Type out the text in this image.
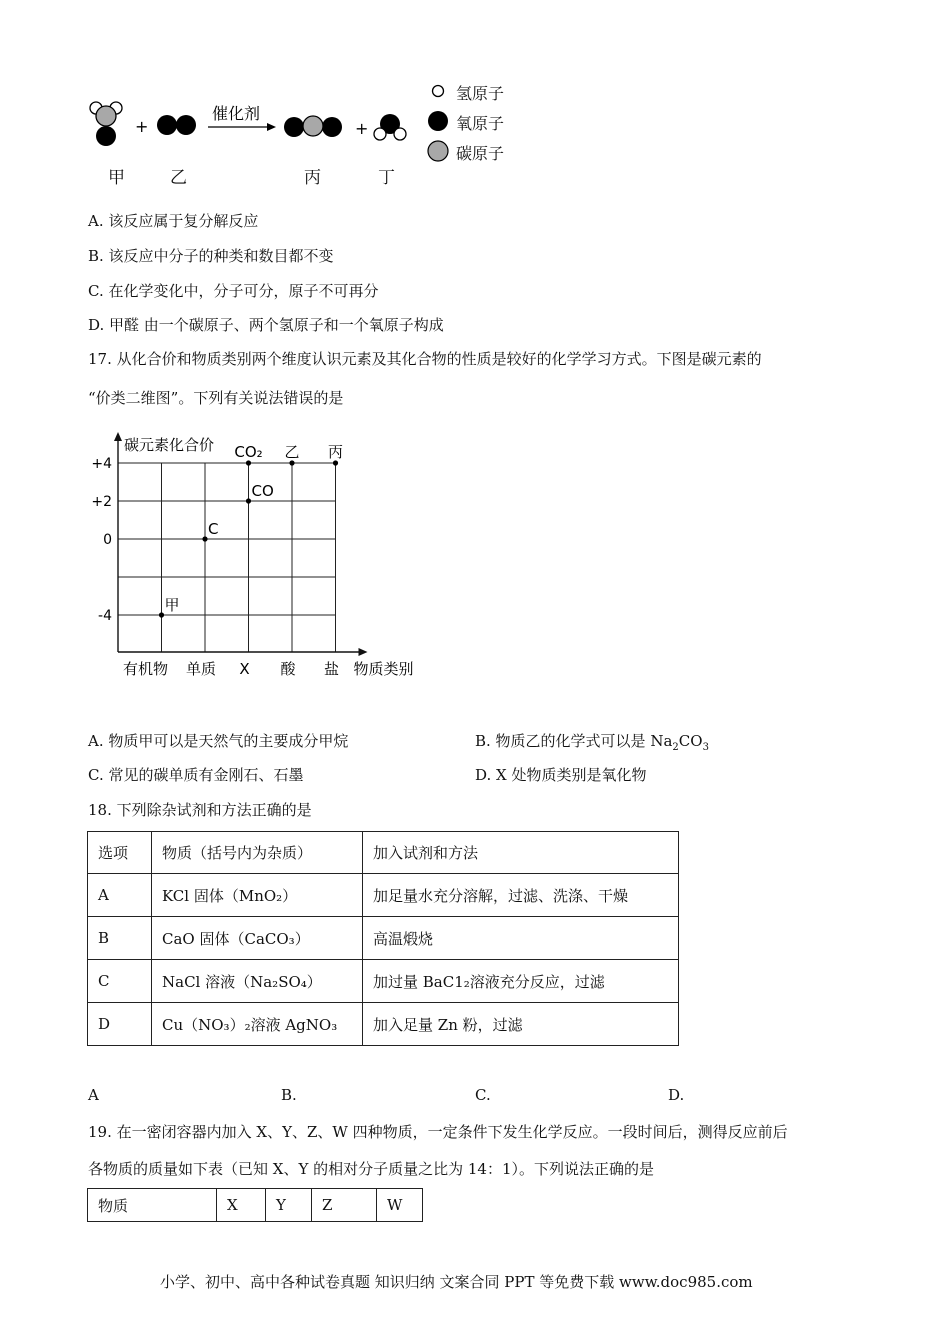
+
催化剂
+
氢原子
氧原子
碳原子
甲	乙	丙	丁
A. 该反应属于复分解反应
B. 该反应中分子的种类和数目都不变
C. 在化学变化中，分子可分，原子不可再分
D. 甲醛 由一个碳原子、两个氢原子和一个氧原子构成
17. 从化合价和物质类别两个维度认识元素及其化合物的性质是较好的化学学习方式。下图是碳元素的
“价类二维图”。下列有关说法错误的是
碳元素化合价
物质类别
+4
+2
0
-4
有机物 单质 X 酸 盐
甲
C
CO
CO₂ 乙 丙
A. 物质甲可以是天然气的主要成分甲烷	B. 物质乙的化学式可以是 $Na_2CO_3$
C. 常见的碳单质有金刚石、石墨	D. X 处物质类别是氧化物
18. 下列除杂试剂和方法正确的是
选项	物质（括号内为杂质）	加入试剂和方法
A	KCl 固体（MnO₂）	加足量水充分溶解，过滤、洗涤、干燥
B	CaO 固体（CaCO₃）	高温煅烧
C	NaCl 溶液（Na₂SO₄）	加过量 BaC1₂溶液充分反应，过滤
D	Cu（NO₃）₂溶液 AgNO₃	加入足量 Zn 粉，过滤
A	B.	C.	D.
19. 在一密闭容器内加入 X、Y、Z、W 四种物质，一定条件下发生化学反应。一段时间后，测得反应前后
各物质的质量如下表（已知 X、Y 的相对分子质量之比为 14：1）。下列说法正确的是
物质	X	Y	Z	W
小学、初中、高中各种试卷真题 知识归纳 文案合同 PPT 等免费下载 www.doc985.com
